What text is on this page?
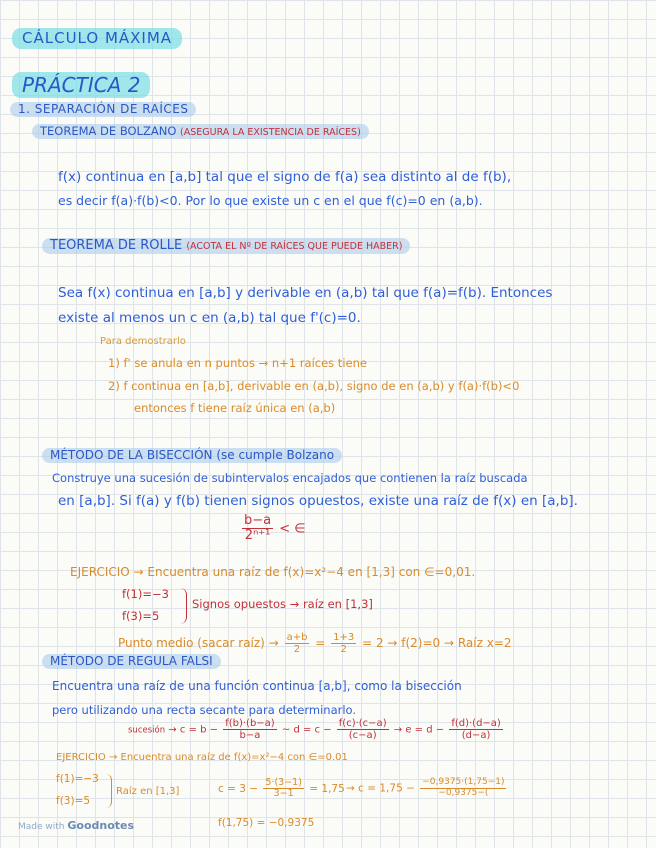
CÁLCULO MÁXIMA
PRÁCTICA 2
1. SEPARACIÓN DE RAÍCES
TEOREMA DE BOLZANO (ASEGURA LA EXISTENCIA DE RAÍCES)
f(x) continua en [a,b] tal que el signo de f(a) sea distinto al de f(b),
es decir f(a)·f(b)<0. Por lo que existe un c en el que f(c)=0 en (a,b).
TEOREMA DE ROLLE (ACOTA EL Nº DE RAÍCES QUE PUEDE HABER)
Sea f(x) continua en [a,b] y derivable en (a,b) tal que f(a)=f(b). Entonces
existe al menos un c en (a,b) tal que f'(c)=0.
Para demostrarlo
1) f' se anula en n puntos → n+1 raíces tiene
2) f continua en [a,b], derivable en (a,b), signo de en (a,b) y f(a)·f(b)<0
entonces f tiene raíz única en (a,b)
MÉTODO DE LA BISECCIÓN (se cumple Bolzano
Construye una sucesión de subintervalos encajados que contienen la raíz buscada
en [a,b]. Si f(a) y f(b) tienen signos opuestos, existe una raíz de f(x) en [a,b].
$\frac{b-a}{\text{2ⁿ⁺¹}}$ < ∈
EJERCICIO → Encuentra una raíz de f(x)=x²−4 en [1,3] con ∈=0,01.
f(1)=−3
f(3)=5
Signos opuestos → raíz en [1,3]
Punto medio (sacar raíz) → $\frac{a+b}{2} = \frac{1+3}{2} = 2 \to f(2)=0$ → Raíz x=2
MÉTODO DE REGULA FALSI
Encuentra una raíz de una función continua [a,b], como la bisección
pero utilizando una recta secante para determinarlo.
sucesión → $c = b - \frac{f(b)\cdot(b-a)}{b-a}$ ~ $d = c - \frac{f(c)\cdot(c-a)}{(c-a)} \to e = d - \frac{f(d)\cdot(d-a)}{(d-a)}$
EJERCICIO → Encuentra una raíz de f(x)=x²−4 con ∈=0.01
f(1)=−3
f(3)=5
Raíz en [1,3]	$c = 3 - \frac{5\cdot(3-1)}{3-1} = 1,75 \to c = 1,75 - \frac{-0,9375\cdot(1,75-1)}{-0,9375-(}$
f(1,75) = −0,9375
Made with Goodnotes
